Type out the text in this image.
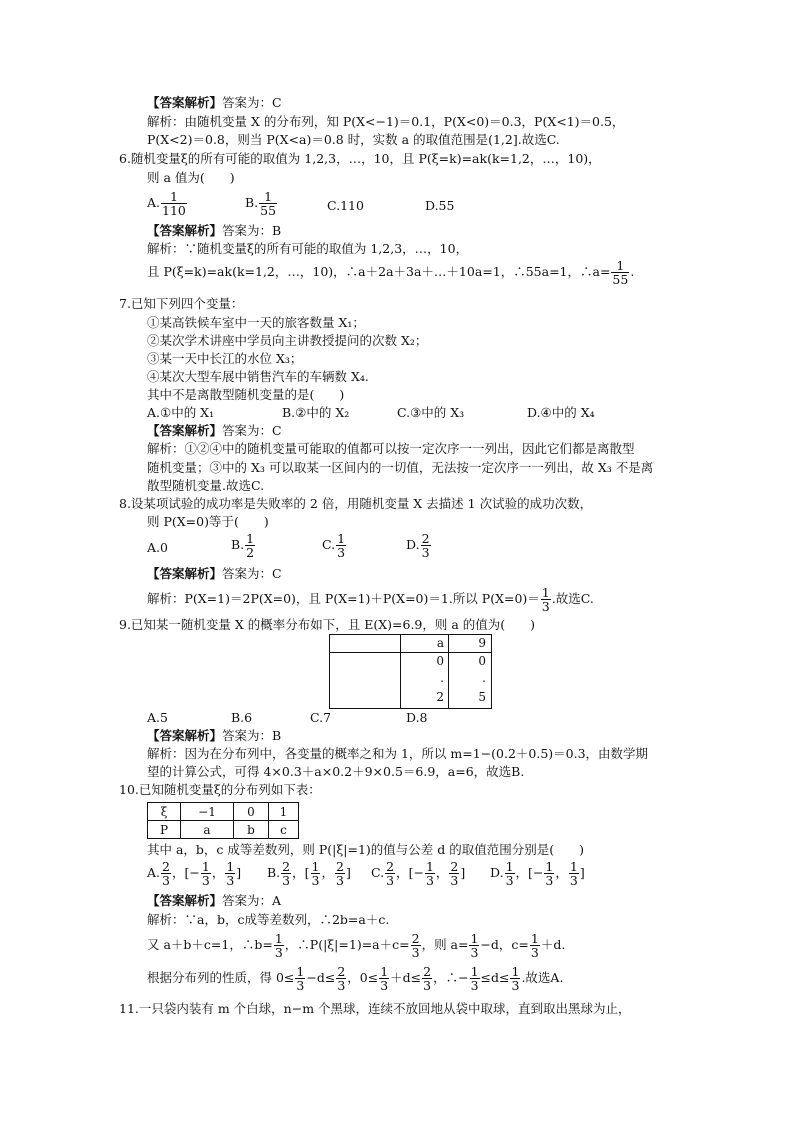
【答案解析】答案为：C
解析：由随机变量 X 的分布列，知 P(X<−1)＝0.1，P(X<0)＝0.3，P(X<1)＝0.5，
P(X<2)＝0.8，则当 P(X<a)＝0.8 时，实数 a 的取值范围是(1,2].故选C.
6.随机变量ξ的所有可能的取值为 1,2,3，…，10，且 P(ξ=k)=ak(k=1,2，…，10)，
则 a 值为(　　)
A. $\frac{1}{110}$	B. $\frac{1}{55}$	C.110	D.55
【答案解析】答案为：B
解析：∵随机变量ξ的所有可能的取值为 1,2,3，…，10，
且 P(ξ=k)=ak(k=1,2，…，10)，∴a＋2a＋3a＋…＋10a=1，∴55a=1，∴a= $\frac{1}{55}$ .
7.已知下列四个变量：
①某高铁候车室中一天的旅客数量 X₁；
②某次学术讲座中学员向主讲教授提问的次数 X₂；
③某一天中长江的水位 X₃；
④某次大型车展中销售汽车的车辆数 X₄.
其中不是离散型随机变量的是(　　)
A.①中的 X₁	B.②中的 X₂	C.③中的 X₃	D.④中的 X₄
【答案解析】答案为：C
解析：①②④中的随机变量可能取的值都可以按一定次序一一列出，因此它们都是离散型
随机变量；③中的 X₃ 可以取某一区间内的一切值，无法按一定次序一一列出，故 X₃ 不是离
散型随机变量.故选C.
8.设某项试验的成功率是失败率的 2 倍，用随机变量 X 去描述 1 次试验的成功次数，
则 P(X=0)等于(　　)
A.0	B. $\frac{1}{2}$	C. $\frac{1}{3}$	D. $\frac{2}{3}$
【答案解析】答案为：C
解析：P(X=1)＝2P(X=0)，且 P(X=1)＋P(X=0)＝1.所以 $P(X=0)= \frac{1}{3}$ .故选C.
9.已知某一随机变量 X 的概率分布如下，且 E(X)=6.9，则 a 的值为(　　)
a	9
0	0
.	.
2	5
A.5	B.6	C.7	D.8
【答案解析】答案为：B
解析：因为在分布列中，各变量的概率之和为 1，所以 m=1−(0.2＋0.5)＝0.3，由数学期
望的计算公式，可得 4×0.3＋a×0.2＋9×0.5＝6.9，a=6，故选B.
10.已知随机变量ξ的分布列如下表：
ξ	−1	0	1
P	a	b	c
其中 a，b，c 成等差数列，则 P(|ξ|=1)的值与公差 d 的取值范围分别是(　　)
A. $\frac{2}{3}$ ，[− $\frac{1}{3}$ ， $\frac{1}{3}$ ] B. $\frac{2}{3}$ ，[ $\frac{1}{3}$ ， $\frac{2}{3}$ ] C. $\frac{2}{3}$ ，[− $\frac{1}{3}$ ， $\frac{2}{3}$ ] D. $\frac{1}{3}$ ，[− $\frac{1}{3}$ ， $\frac{1}{3}$ ]
【答案解析】答案为：A
解析：∵a，b，c成等差数列，∴2b=a＋c.
又 a＋b＋c=1，∴b= $\frac{1}{3}$ ，∴P(|ξ|=1)=a＋c= $\frac{2}{3}$ ，则 $a= \frac{1}{3} -d$，$c= \frac{1}{3} +d$.
根据分布列的性质，得 $0\le \frac{1}{3} -d\le \frac{2}{3}$ ，$0\le \frac{1}{3} +d\le \frac{2}{3}$ ，∴− $\frac{1}{3} \le d\le \frac{1}{3}$ .故选A.
11.一只袋内装有 m 个白球，n−m 个黑球，连续不放回地从袋中取球，直到取出黑球为止，
